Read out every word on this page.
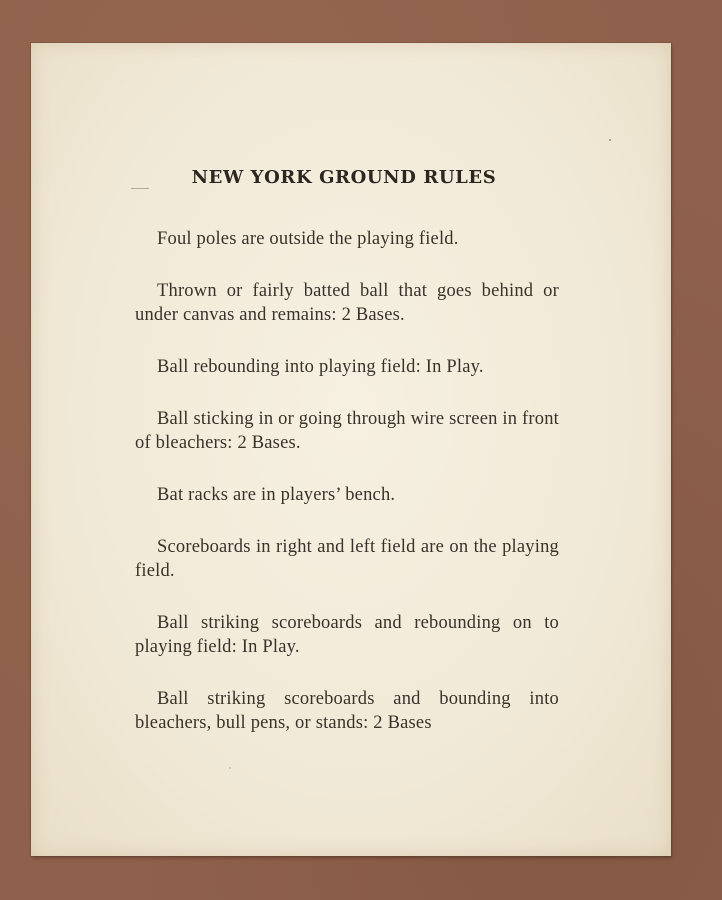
NEW YORK GROUND RULES
Foul poles are outside the playing field.
Thrown or fairly batted ball that goes behind or under canvas and remains: 2 Bases.
Ball rebounding into playing field: In Play.
Ball sticking in or going through wire screen in front of bleachers: 2 Bases.
Bat racks are in players’ bench.
Scoreboards in right and left field are on the playing field.
Ball striking scoreboards and rebounding on to playing field: In Play.
Ball striking scoreboards and bounding into bleachers, bull pens, or stands: 2 Bases
